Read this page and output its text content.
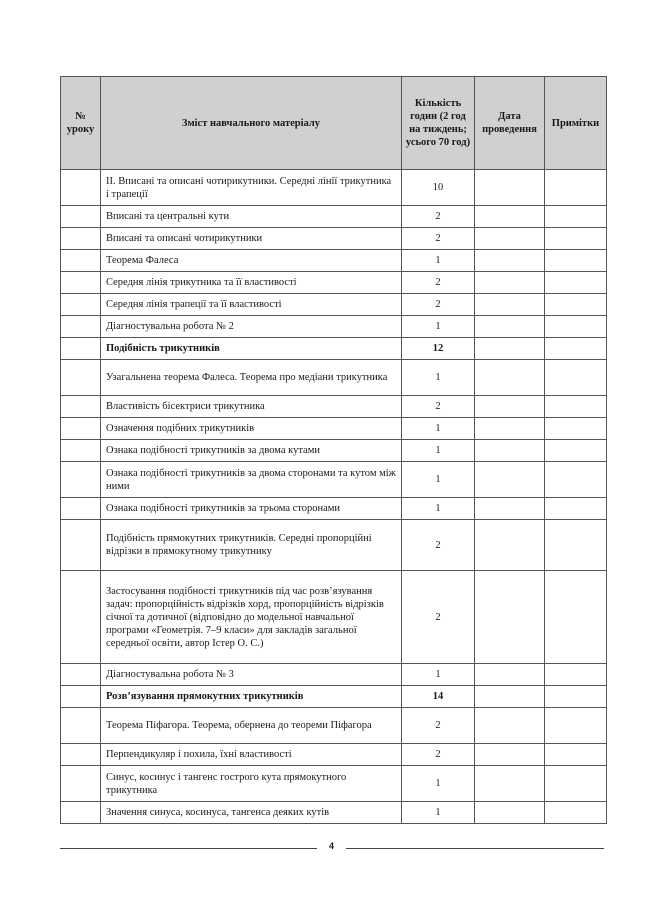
№ уроку	Зміст навчального матеріалу	Кількість годин (2 год на тиждень; усього 70 год)	Дата проведення	Примітки
	ІІ. Вписані та описані чотирикутники. Середні лінії трикутника і трапеції	10		
	Вписані та центральні кути	2		
	Вписані та описані чотирикутники	2		
	Теорема Фалеса	1		
	Середня лінія трикутника та її властивості	2		
	Середня лінія трапеції та її властивості	2		
	Діагностувальна робота № 2	1		
	Подібність трикутників	12		
	Узагальнена теорема Фалеса. Теорема про медіани трикутника	1		
	Властивість бісектриси трикутника	2		
	Означення подібних трикутників	1		
	Ознака подібності трикутників за двома кутами	1		
	Ознака подібності трикутників за двома сторонами та кутом між ними	1		
	Ознака подібності трикутників за трьома сторонами	1		
	Подібність прямокутних трикутників. Середні пропорційні відрізки в прямокутному трикутнику	2		
	Застосування подібності трикутників під час розв’язування задач: пропорційність відрізків хорд, пропорційність відрізків січної та дотичної (відповідно до модельної навчальної програми «Геометрія. 7–9 класи» для закладів загальної середньої освіти, автор Істер О. С.)	2		
	Діагностувальна робота № 3	1		
	Розв’язування прямокутних трикутників	14		
	Теорема Піфагора. Теорема, обернена до теореми Піфагора	2		
	Перпендикуляр і похила, їхні властивості	2		
	Синус, косинус і тангенс гострого кута прямокутного трикутника	1		
	Значення синуса, косинуса, тангенса деяких кутів	1		
4
